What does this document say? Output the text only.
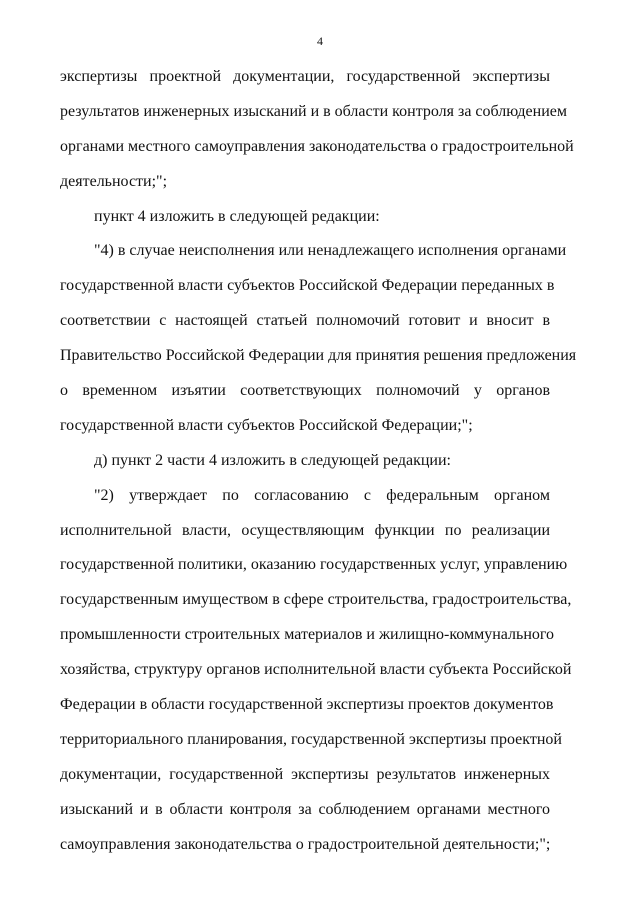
4
экспертизы проектной документации, государственной экспертизы
результатов инженерных изысканий и в области контроля за соблюдением
органами местного самоуправления законодательства о градостроительной
деятельности;";
пункт 4 изложить в следующей редакции:
"4) в случае неисполнения или ненадлежащего исполнения органами
государственной власти субъектов Российской Федерации переданных в
соответствии с настоящей статьей полномочий готовит и вносит в
Правительство Российской Федерации для принятия решения предложения
о временном изъятии соответствующих полномочий у органов
государственной власти субъектов Российской Федерации;";
д) пункт 2 части 4 изложить в следующей редакции:
"2) утверждает по согласованию с федеральным органом
исполнительной власти, осуществляющим функции по реализации
государственной политики, оказанию государственных услуг, управлению
государственным имуществом в сфере строительства, градостроительства,
промышленности строительных материалов и жилищно-коммунального
хозяйства, структуру органов исполнительной власти субъекта Российской
Федерации в области государственной экспертизы проектов документов
территориального планирования, государственной экспертизы проектной
документации, государственной экспертизы результатов инженерных
изысканий и в области контроля за соблюдением органами местного
самоуправления законодательства о градостроительной деятельности;";
